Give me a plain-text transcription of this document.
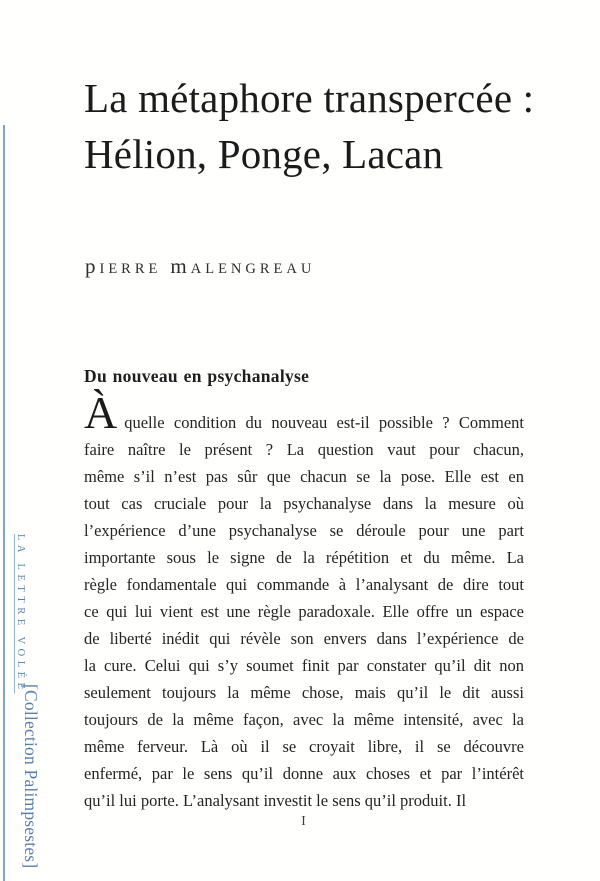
LA LETTRE VOLÉE
[Collection Palimpsestes]
La métaphore transpercée :
Hélion, Ponge, Lacan
pIERRE mALENGREAU
Du nouveau en psychanalyse
Àquelle condition du nouveau est-il possible ? Comment
faire naître le présent ? La question vaut pour chacun,
même s’il n’est pas sûr que chacun se la pose. Elle est en
tout cas cruciale pour la psychanalyse dans la mesure où
l’expérience d’une psychanalyse se déroule pour une part
importante sous le signe de la répétition et du même. La
règle fondamentale qui commande à l’analysant de dire tout
ce qui lui vient est une règle paradoxale. Elle offre un espace
de liberté inédit qui révèle son envers dans l’expérience de
la cure. Celui qui s’y soumet finit par constater qu’il dit non
seulement toujours la même chose, mais qu’il le dit aussi
toujours de la même façon, avec la même intensité, avec la
même ferveur. Là où il se croyait libre, il se découvre
enfermé, par le sens qu’il donne aux choses et par l’intérêt
qu’il lui porte. L’analysant investit le sens qu’il produit. Il
I
